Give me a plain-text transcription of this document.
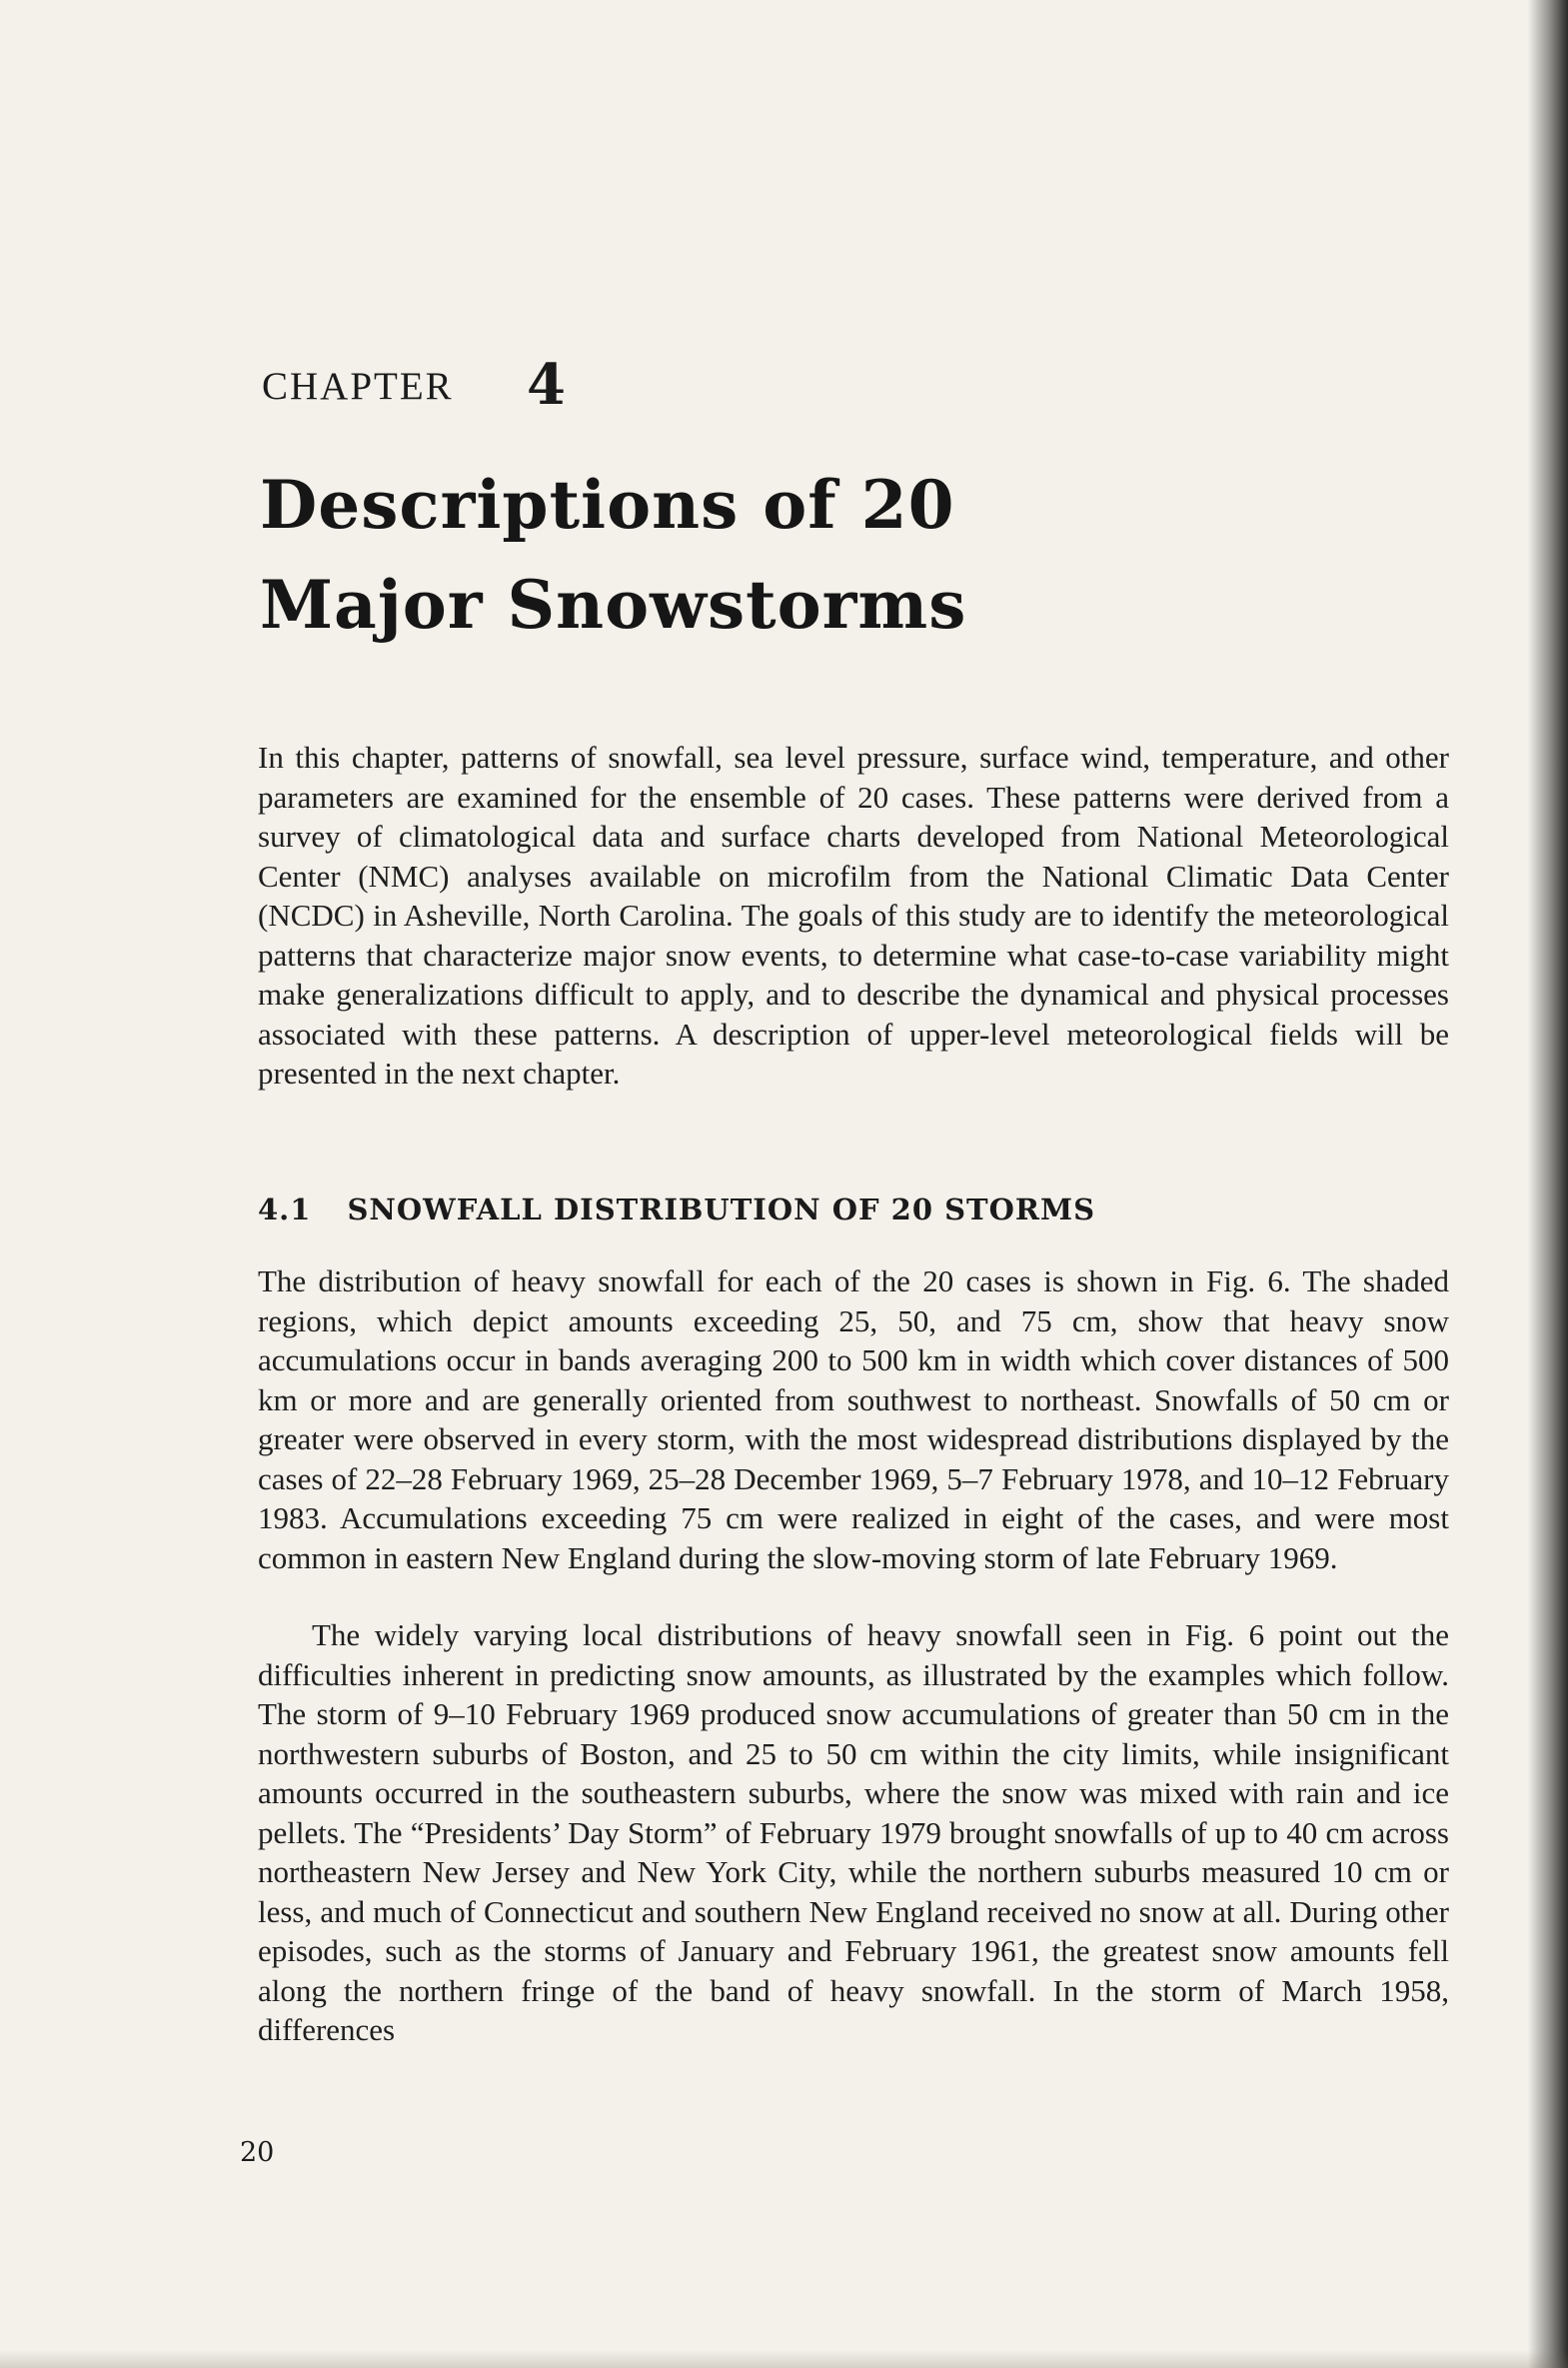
CHAPTER 4
Descriptions of 20
Major Snowstorms

In this chapter, patterns of snowfall, sea level pressure, surface wind, temperature, and other parameters are examined for the ensemble of 20 cases. These patterns were derived from a survey of climatological data and surface charts developed from National Meteorological Center (NMC) analyses available on microfilm from the National Climatic Data Center (NCDC) in Asheville, North Carolina. The goals of this study are to identify the meteorological patterns that characterize major snow events, to determine what case-to-case variability might make generalizations difficult to apply, and to describe the dynamical and physical processes associated with these patterns. A description of upper-level meteorological fields will be presented in the next chapter.

4.1 SNOWFALL DISTRIBUTION OF 20 STORMS

The distribution of heavy snowfall for each of the 20 cases is shown in Fig. 6. The shaded regions, which depict amounts exceeding 25, 50, and 75 cm, show that heavy snow accumulations occur in bands averaging 200 to 500 km in width which cover distances of 500 km or more and are generally oriented from southwest to northeast. Snowfalls of 50 cm or greater were observed in every storm, with the most widespread distributions displayed by the cases of 22–28 February 1969, 25–28 December 1969, 5–7 February 1978, and 10–12 February 1983. Accumulations exceeding 75 cm were realized in eight of the cases, and were most common in eastern New England during the slow-moving storm of late February 1969.

The widely varying local distributions of heavy snowfall seen in Fig. 6 point out the difficulties inherent in predicting snow amounts, as illustrated by the examples which follow. The storm of 9–10 February 1969 produced snow accumulations of greater than 50 cm in the northwestern suburbs of Boston, and 25 to 50 cm within the city limits, while insignificant amounts occurred in the southeastern suburbs, where the snow was mixed with rain and ice pellets. The “Presidents’ Day Storm” of February 1979 brought snowfalls of up to 40 cm across northeastern New Jersey and New York City, while the northern suburbs measured 10 cm or less, and much of Connecticut and southern New England received no snow at all. During other episodes, such as the storms of January and February 1961, the greatest snow amounts fell along the northern fringe of the band of heavy snowfall. In the storm of March 1958, differences

20
